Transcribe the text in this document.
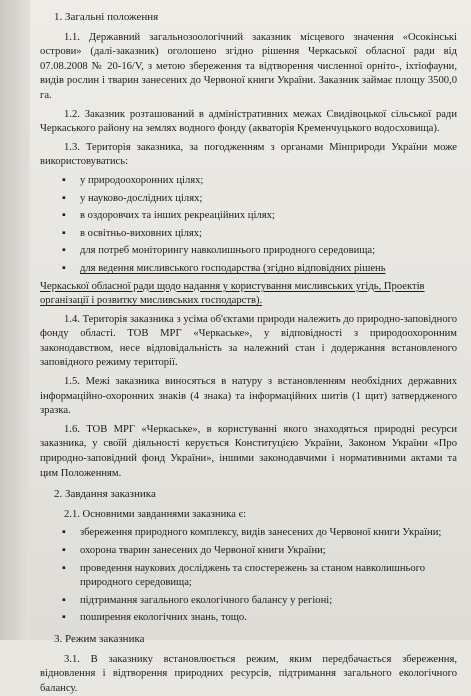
1. Загальні положення

1.1. Державний загальнозоологічний заказник місцевого значення «Осокінські острови» (далі-заказник) оголошено згідно рішення Черкаської обласної ради від 07.08.2008 № 20-16/V, з метою збереження та відтворення численної орніто-, іхтіофауни, видів рослин і тварин занесених до Червоної книги України. Заказник займає площу 3500,0 га.

1.2. Заказник розташований в адміністративних межах Свидівоцької сільської ради Черкаського району на землях водного фонду (акваторія Кременчуцького водосховища).

1.3. Територія заказника, за погодженням з органами Мінприроди України може використовуватись:

▪ у природоохоронних цілях;
▪ у науково-дослідних цілях;
▪ в оздоровчих та інших рекреаційних цілях;
▪ в освітньо-виховних цілях;
▪ для потреб моніторингу навколишнього природного середовища;
▪ для ведення мисливського господарства (згідно відповідних рішень

Черкаської обласної ради щодо надання у користування мисливських угідь, Проектів організації і розвитку мисливських господарств).

1.4. Територія заказника з усіма об'єктами природи належить до природно-заповідного фонду області. ТОВ МРГ «Черкаське», у відповідності з природоохоронним законодавством, несе відповідальність за належний стан і додержання встановленого заповідного режиму території.

1.5. Межі заказника виносяться в натуру з встановленням необхідних державних інформаційно-охоронних знаків (4 знака) та інформаційних шитів (1 щит) затвердженого зразка.

1.6. ТОВ МРГ «Черкаське», в користуванні якого знаходяться природні ресурси заказника, у своїй діяльності керується Конституцією України, Законом України «Про природно-заповідний фонд України», іншими законодавчими і нормативними актами та цим Положенням.

2. Завдання заказника

2.1. Основними завданнями заказника є:

▪ збереження природного комплексу, видів занесених до Червоної книги України;
▪ охорона тварин занесених до Червоної книги України;
▪ проведення наукових досліджень та спостережень за станом навколишнього природного середовища;
▪ підтримання загального екологічного балансу у регіоні;
▪ поширення екологічних знань, тощо.
3. Режим заказника

3.1. В заказнику встановлюється режим, яким передбачається збереження, відновлення і відтворення природних ресурсів, підтримання загального екологічного балансу.
